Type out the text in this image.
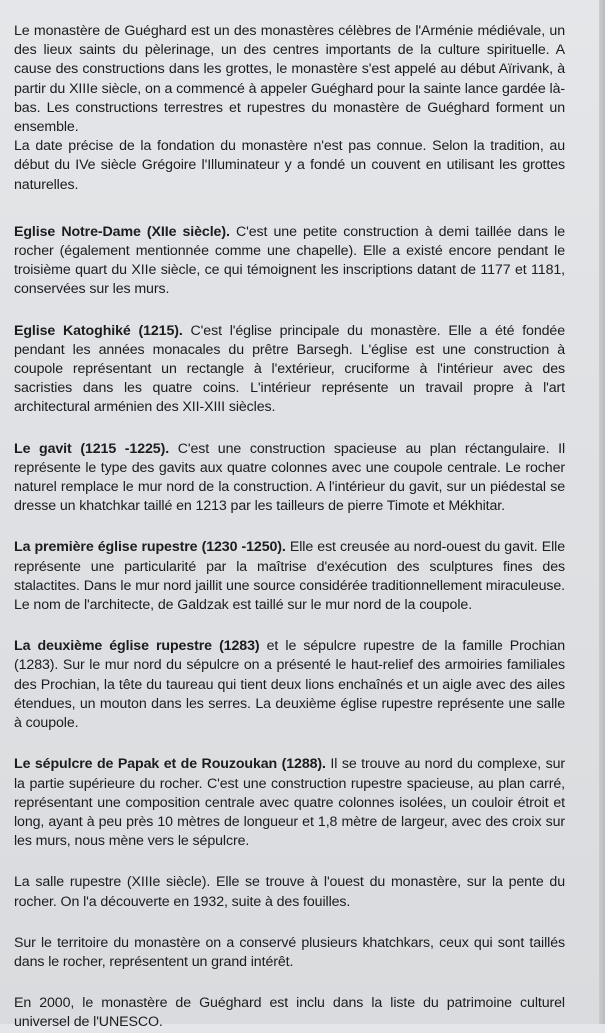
Le monastère de Guéghard est un des monastères célèbres de l'Arménie médiévale, un des lieux saints du pèlerinage, un des centres importants de la culture spirituelle. A cause des constructions dans les grottes, le monastère s'est appelé au début Aïrivank, à partir du XIIIe siècle, on a commencé à appeler Guéghard pour la sainte lance gardée là-bas. Les constructions terrestres et rupestres du monastère de Guéghard forment un ensemble.
La date précise de la fondation du monastère n'est pas connue. Selon la tradition, au début du IVe siècle Grégoire l'Illuminateur y a fondé un couvent en utilisant les grottes naturelles.

Eglise Notre-Dame (XIIe siècle). C'est une petite construction à demi taillée dans le rocher (également mentionnée comme une chapelle). Elle a existé encore pendant le troisième quart du XIIe siècle, ce qui témoignent les inscriptions datant de 1177 et 1181, conservées sur les murs.

Eglise Katoghiké (1215). C'est l'église principale du monastère. Elle a été fondée pendant les années monacales du prêtre Barsegh. L'église est une construction à coupole représentant un rectangle à l'extérieur, cruciforme à l'intérieur avec des sacristies dans les quatre coins. L'intérieur représente un travail propre à l'art architectural arménien des XII-XIII siècles.

Le gavit (1215 -1225). C'est une construction spacieuse au plan réctangulaire. Il représente le type des gavits aux quatre colonnes avec une coupole centrale. Le rocher naturel remplace le mur nord de la construction. A l'intérieur du gavit, sur un piédestal se dresse un khatchkar taillé en 1213 par les tailleurs de pierre Timote et Mékhitar.

La première église rupestre (1230 -1250). Elle est creusée au nord-ouest du gavit. Elle représente une particularité par la maîtrise d'exécution des sculptures fines des stalactites. Dans le mur nord jaillit une source considérée traditionnellement miraculeuse. Le nom de l'architecte, de Galdzak est taillé sur le mur nord de la coupole.

La deuxième église rupestre (1283) et le sépulcre rupestre de la famille Prochian (1283). Sur le mur nord du sépulcre on a présenté le haut-relief des armoiries familiales des Prochian, la tête du taureau qui tient deux lions enchaînés et un aigle avec des ailes étendues, un mouton dans les serres. La deuxième église rupestre représente une salle à coupole.

Le sépulcre de Papak et de Rouzoukan (1288). Il se trouve au nord du complexe, sur la partie supérieure du rocher. C'est une construction rupestre spacieuse, au plan carré, représentant une composition centrale avec quatre colonnes isolées, un couloir étroit et long, ayant à peu près 10 mètres de longueur et 1,8 mètre de largeur, avec des croix sur les murs, nous mène vers le sépulcre.

La salle rupestre (XIIIe siècle). Elle se trouve à l'ouest du monastère, sur la pente du rocher. On l'a découverte en 1932, suite à des fouilles.

Sur le territoire du monastère on a conservé plusieurs khatchkars, ceux qui sont taillés dans le rocher, représentent un grand intérêt.

En 2000, le monastère de Guéghard est inclu dans la liste du patrimoine culturel universel de l'UNESCO.
